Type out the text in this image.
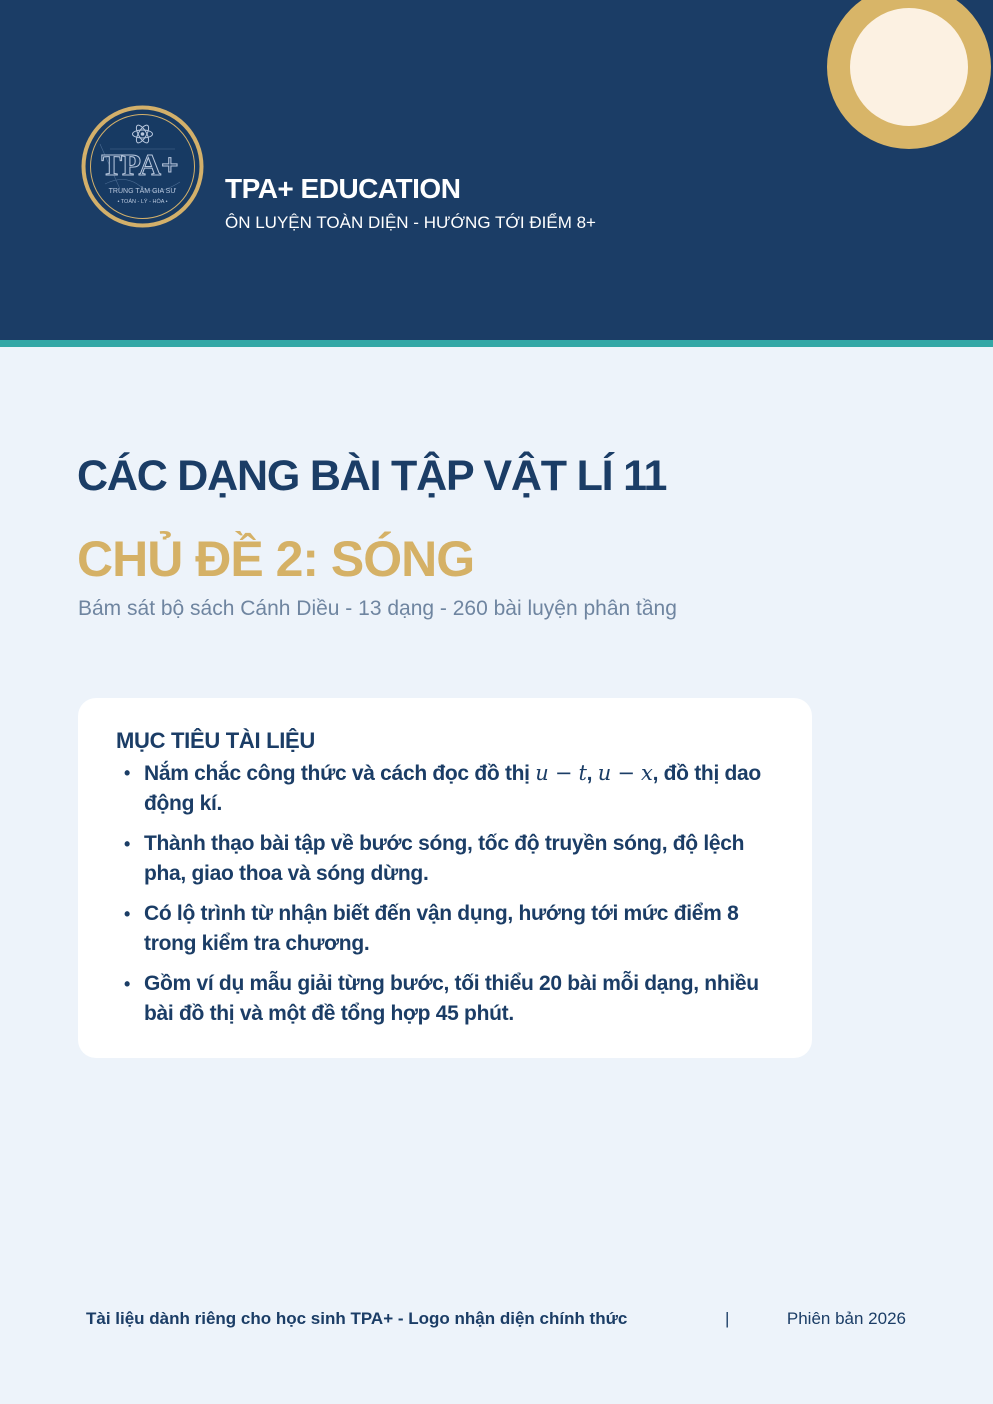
TPA+
TRUNG TÂM GIA SƯ
• TOÁN - LÝ - HÓA • TPA+ EDUCATION

ÔN LUYỆN TOÀN DIỆN - HƯỚNG TỚI ĐIỂM 8+

CÁC DẠNG BÀI TẬP VẬT LÍ 11
CHỦ ĐỀ 2: SÓNG

Bám sát bộ sách Cánh Diều - 13 dạng - 260 bài luyện phân tầng

MỤC TIÊU TÀI LIỆU
• Nắm chắc công thức và cách đọc đồ thị u − t, u − x, đồ thị dao động kí.
• Thành thạo bài tập về bước sóng, tốc độ truyền sóng, độ lệch pha, giao thoa và sóng dừng.
• Có lộ trình từ nhận biết đến vận dụng, hướng tới mức điểm 8 trong kiểm tra chương.
• Gồm ví dụ mẫu giải từng bước, tối thiểu 20 bài mỗi dạng, nhiều bài đồ thị và một đề tổng hợp 45 phút.
Tài liệu dành riêng cho học sinh TPA+ - Logo nhận diện chính thức	|	Phiên bản 2026
